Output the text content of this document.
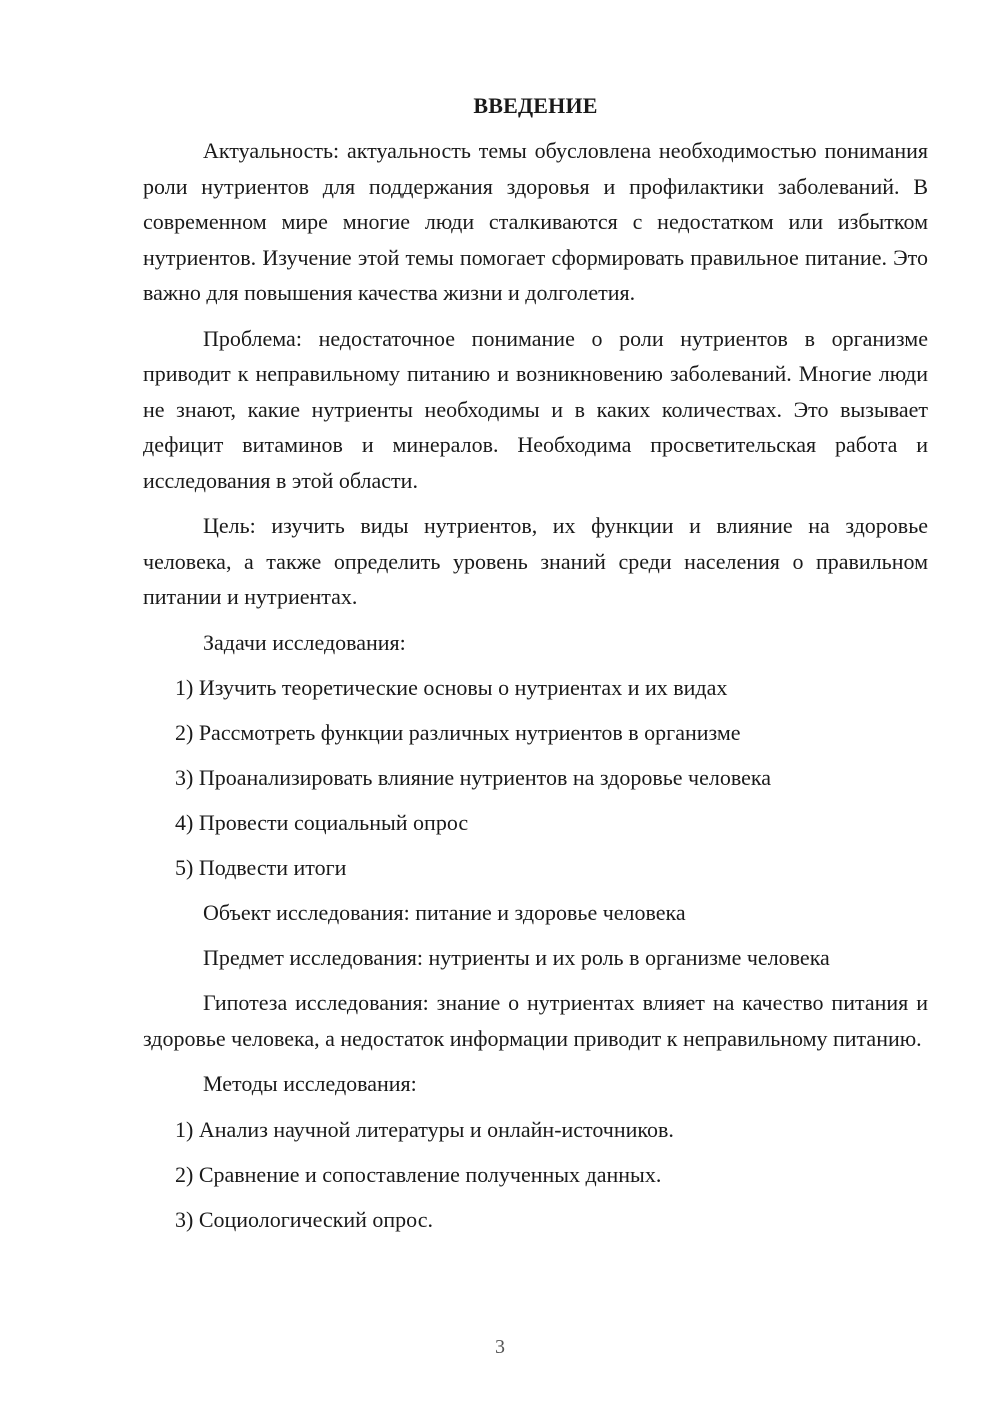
ВВЕДЕНИЕ

Актуальность: актуальность темы обусловлена необходимостью понимания роли нутриентов для поддержания здоровья и профилактики заболеваний. В современном мире многие люди сталкиваются с недостатком или избытком нутриентов. Изучение этой темы помогает сформировать правильное питание. Это важно для повышения качества жизни и долголетия.

Проблема: недостаточное понимание о роли нутриентов в организме приводит к неправильному питанию и возникновению заболеваний. Многие люди не знают, какие нутриенты необходимы и в каких количествах. Это вызывает дефицит витаминов и минералов. Необходима просветительская работа и исследования в этой области.

Цель: изучить виды нутриентов, их функции и влияние на здоровье человека, а также определить уровень знаний среди населения о правильном питании и нутриентах.

Задачи исследования:

1) Изучить теоретические основы о нутриентах и их видах
2) Рассмотреть функции различных нутриентов в организме
3) Проанализировать влияние нутриентов на здоровье человека
4) Провести социальный опрос
5) Подвести итоги
Объект исследования: питание и здоровье человека
Предмет исследования: нутриенты и их роль в организме человека

Гипотеза исследования: знание о нутриентах влияет на качество питания и здоровье человека, а недостаток информации приводит к неправильному питанию.

Методы исследования:

1) Анализ научной литературы и онлайн-источников.
2) Сравнение и сопоставление полученных данных.
3) Социологический опрос.
3
